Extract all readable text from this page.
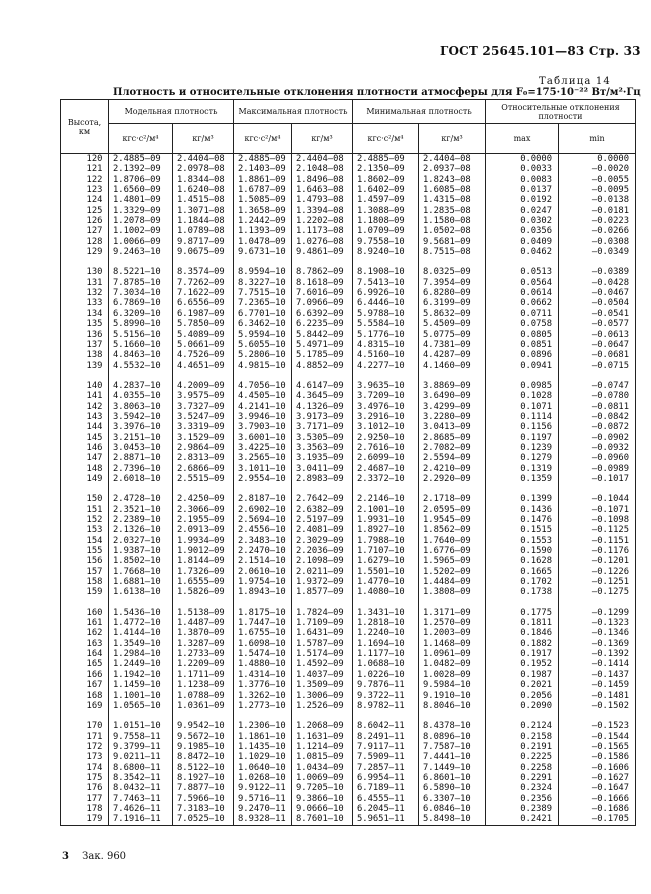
ГОСТ 25645.101—83 Стр. 33
Таблица 14
Плотность и относительные отклонения плотности атмосферы для F₀=175·10⁻²² Вт/м²·Гц
Высота, км	Модельная плотность		Максимальная плотность		Минимальная плотность		Относительные отклонения плотности	
	кгс·с²/м⁴	кг/м³	кгс·с²/м⁴	кг/м³	кгс·с²/м⁴	кг/м³	max	min
120	2.4885—09	2.4404—08	2.4885—09	2.4404—08	2.4885—09	2.4404—08	0.0000	0.0000
121	2.1392—09	2.0978—08	2.1403—09	2.1048—08	2.1350—09	2.0937—08	0.0033	—0.0020
122	1.8706—09	1.8344—08	1.8861—09	1.8496—08	1.8602—09	1.8243—08	0.0083	—0.0055
123	1.6560—09	1.6240—08	1.6787—09	1.6463—08	1.6402—09	1.6085—08	0.0137	—0.0095
124	1.4801—09	1.4515—08	1.5085—09	1.4793—08	1.4597—09	1.4315—08	0.0192	—0.0138
125	1.3329—09	1.3071—08	1.3658—09	1.3394—08	1.3088—09	1.2835—08	0.0247	—0.0181
126	1.2078—09	1.1844—08	1.2442—09	1.2202—08	1.1808—09	1.1580—08	0.0302	—0.0223
127	1.1002—09	1.0789—08	1.1393—09	1.1173—08	1.0709—09	1.0502—08	0.0356	—0.0266
128	1.0066—09	9.8717—09	1.0478—09	1.0276—08	9.7558—10	9.5681—09	0.0409	—0.0308
129	9.2463—10	9.0675—09	9.6731—10	9.4861—09	8.9240—10	8.7515—08	0.0462	—0.0349

130	8.5221—10	8.3574—09	8.9594—10	8.7862—09	8.1908—10	8.0325—09	0.0513	—0.0389
131	7.8785—10	7.7262—09	8.3227—10	8.1618—09	7.5413—10	7.3954—09	0.0564	—0.0428
132	7.3034—10	7.1622—09	7.7515—10	7.6016—09	6.9926—10	6.8280—09	0.0614	—0.0467
133	6.7869—10	6.6556—09	7.2365—10	7.0966—09	6.4446—10	6.3199—09	0.0662	—0.0504
134	6.3209—10	6.1987—09	6.7701—10	6.6392—09	5.9788—10	5.8632—09	0.0711	—0.0541
135	5.8990—10	5.7850—09	6.3462—10	6.2235—09	5.5584—10	5.4509—09	0.0758	—0.0577
136	5.5156—10	5.4089—09	5.9594—10	5.8442—09	5.1776—10	5.0775—09	0.0805	—0.0613
137	5.1660—10	5.0661—09	5.6055—10	5.4971—09	4.8315—10	4.7381—09	0.0851	—0.0647
138	4.8463—10	4.7526—09	5.2806—10	5.1785—09	4.5160—10	4.4287—09	0.0896	—0.0681
139	4.5532—10	4.4651—09	4.9815—10	4.8852—09	4.2277—10	4.1460—09	0.0941	—0.0715

140	4.2837—10	4.2009—09	4.7056—10	4.6147—09	3.9635—10	3.8869—09	0.0985	—0.0747
141	4.0355—10	3.9575—09	4.4505—10	4.3645—09	3.7209—10	3.6490—09	0.1028	—0.0780
142	3.8063—10	3.7327—09	4.2141—10	4.1326—09	3.4976—10	3.4299—09	0.1071	—0.0811
143	3.5942—10	3.5247—09	3.9946—10	3.9173—09	3.2916—10	3.2280—09	0.1114	—0.0842
144	3.3976—10	3.3319—09	3.7903—10	3.7171—09	3.1012—10	3.0413—09	0.1156	—0.0872
145	3.2151—10	3.1529—09	3.6001—10	3.5305—09	2.9250—10	2.8685—09	0.1197	—0.0902
146	3.0453—10	2.9864—09	3.4225—10	3.3563—09	2.7616—10	2.7082—09	0.1239	—0.0932
147	2.8871—10	2.8313—09	3.2565—10	3.1935—09	2.6099—10	2.5594—09	0.1279	—0.0960
148	2.7396—10	2.6866—09	3.1011—10	3.0411—09	2.4687—10	2.4210—09	0.1319	—0.0989
149	2.6018—10	2.5515—09	2.9554—10	2.8983—09	2.3372—10	2.2920—09	0.1359	—0.1017

150	2.4728—10	2.4250—09	2.8187—10	2.7642—09	2.2146—10	2.1718—09	0.1399	—0.1044
151	2.3521—10	2.3066—09	2.6902—10	2.6382—09	2.1001—10	2.0595—09	0.1436	—0.1071
152	2.2389—10	2.1955—09	2.5694—10	2.5197—09	1.9931—10	1.9545—09	0.1476	—0.1098
153	2.1326—10	2.0913—09	2.4556—10	2.4081—09	1.8927—10	1.8562—09	0.1515	—0.1125
154	2.0327—10	1.9934—09	2.3483—10	2.3029—09	1.7988—10	1.7640—09	0.1553	—0.1151
155	1.9387—10	1.9012—09	2.2470—10	2.2036—09	1.7107—10	1.6776—09	0.1590	—0.1176
156	1.8502—10	1.8144—09	2.1514—10	2.1098—09	1.6279—10	1.5965—09	0.1628	—0.1201
157	1.7668—10	1.7326—09	2.0610—10	2.0211—09	1.5501—10	1.5202—09	0.1665	—0.1226
158	1.6881—10	1.6555—09	1.9754—10	1.9372—09	1.4770—10	1.4484—09	0.1702	—0.1251
159	1.6138—10	1.5826—09	1.8943—10	1.8577—09	1.4080—10	1.3808—09	0.1738	—0.1275

160	1.5436—10	1.5138—09	1.8175—10	1.7824—09	1.3431—10	1.3171—09	0.1775	—0.1299
161	1.4772—10	1.4487—09	1.7447—10	1.7109—09	1.2818—10	1.2570—09	0.1811	—0.1323
162	1.4144—10	1.3870—09	1.6755—10	1.6431—09	1.2240—10	1.2003—09	0.1846	—0.1346
163	1.3549—10	1.3287—09	1.6098—10	1.5787—09	1.1694—10	1.1468—09	0.1882	—0.1369
164	1.2984—10	1.2733—09	1.5474—10	1.5174—09	1.1177—10	1.0961—09	0.1917	—0.1392
165	1.2449—10	1.2209—09	1.4880—10	1.4592—09	1.0688—10	1.0482—09	0.1952	—0.1414
166	1.1942—10	1.1711—09	1.4314—10	1.4037—09	1.0226—10	1.0028—09	0.1987	—0.1437
167	1.1459—10	1.1238—09	1.3776—10	1.3509—09	9.7876—11	9.5984—10	0.2021	—0.1459
168	1.1001—10	1.0788—09	1.3262—10	1.3006—09	9.3722—11	9.1910—10	0.2056	—0.1481
169	1.0565—10	1.0361—09	1.2773—10	1.2526—09	8.9782—11	8.8046—10	0.2090	—0.1502

170	1.0151—10	9.9542—10	1.2306—10	1.2068—09	8.6042—11	8.4378—10	0.2124	—0.1523
171	9.7558—11	9.5672—10	1.1861—10	1.1631—09	8.2491—11	8.0896—10	0.2158	—0.1544
172	9.3799—11	9.1985—10	1.1435—10	1.1214—09	7.9117—11	7.7587—10	0.2191	—0.1565
173	9.0211—11	8.8472—10	1.1029—10	1.0815—09	7.5909—11	7.4441—10	0.2225	—0.1586
174	8.6800—11	8.5122—10	1.0640—10	1.0434—09	7.2857—11	7.1449—10	0.2258	—0.1606
175	8.3542—11	8.1927—10	1.0268—10	1.0069—09	6.9954—11	6.8601—10	0.2291	—0.1627
176	8.0432—11	7.8877—10	9.9122—11	9.7205—10	6.7189—11	6.5890—10	0.2324	—0.1647
177	7.7463—11	7.5966—10	9.5716—11	9.3866—10	6.4555—11	6.3307—10	0.2356	—0.1666
178	7.4626—11	7.3183—10	9.2470—11	9.0666—10	6.2045—11	6.0846—10	0.2389	—0.1686
179	7.1916—11	7.0525—10	8.9328—11	8.7601—10	5.9651—11	5.8498—10	0.2421	—0.1705
3 Зак. 960
